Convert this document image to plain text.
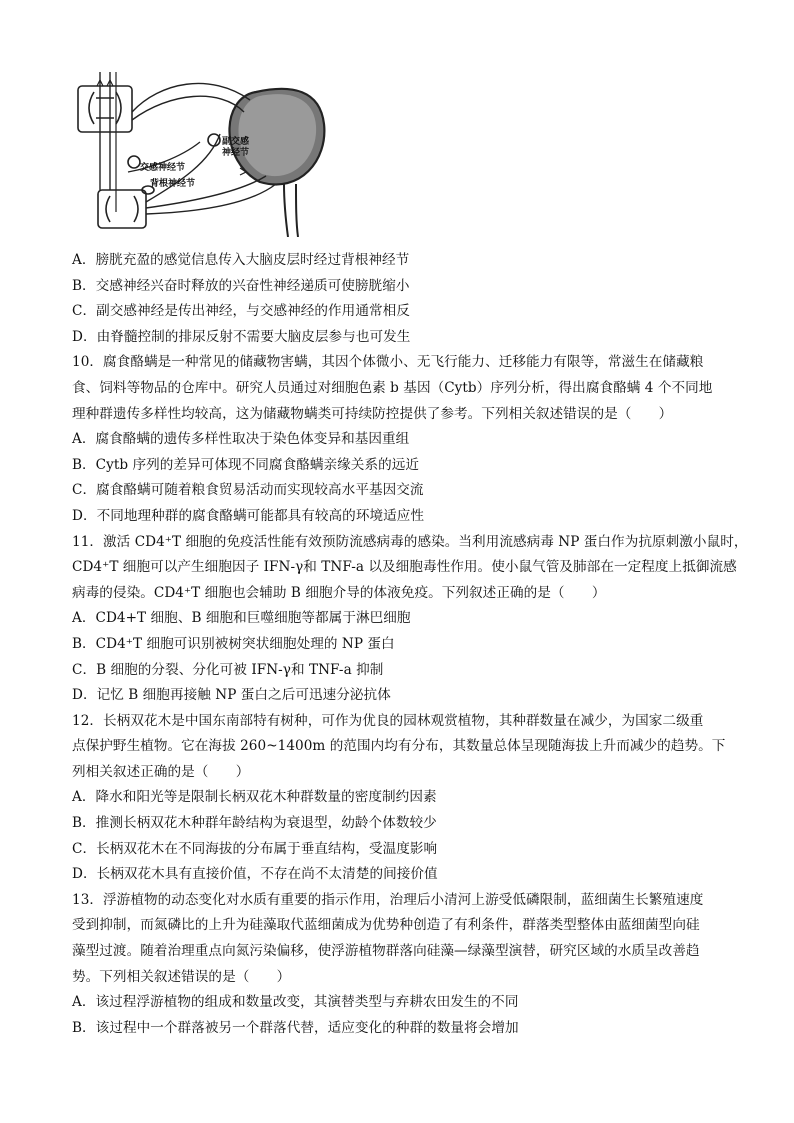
交感神经节
副交感
神经节
背根神经节
A．膀胱充盈的感觉信息传入大脑皮层时经过背根神经节
B．交感神经兴奋时释放的兴奋性神经递质可使膀胱缩小
C．副交感神经是传出神经，与交感神经的作用通常相反
D．由脊髓控制的排尿反射不需要大脑皮层参与也可发生
10．腐食酪螨是一种常见的储藏物害螨，其因个体微小、无飞行能力、迁移能力有限等，常滋生在储藏粮
食、饲料等物品的仓库中。研究人员通过对细胞色素 b 基因（Cytb）序列分析，得出腐食酪螨 4 个不同地
理种群遗传多样性均较高，这为储藏物螨类可持续防控提供了参考。下列相关叙述错误的是（　　）
A．腐食酪螨的遗传多样性取决于染色体变异和基因重组
B．Cytb 序列的差异可体现不同腐食酪螨亲缘关系的远近
C．腐食酪螨可随着粮食贸易活动而实现较高水平基因交流
D．不同地理种群的腐食酪螨可能都具有较高的环境适应性
11．激活 CD4⁺T 细胞的免疫活性能有效预防流感病毒的感染。当利用流感病毒 NP 蛋白作为抗原刺激小鼠时，
CD4⁺T 细胞可以产生细胞因子 IFN-γ和 TNF-a 以及细胞毒性作用。使小鼠气管及肺部在一定程度上抵御流感
病毒的侵染。CD4⁺T 细胞也会辅助 B 细胞介导的体液免疫。下列叙述正确的是（　　）
A．CD4+T 细胞、B 细胞和巨噬细胞等都属于淋巴细胞
B．CD4⁺T 细胞可识别被树突状细胞处理的 NP 蛋白
C．B 细胞的分裂、分化可被 IFN-γ和 TNF-a 抑制
D．记忆 B 细胞再接触 NP 蛋白之后可迅速分泌抗体
12．长柄双花木是中国东南部特有树种，可作为优良的园林观赏植物，其种群数量在减少，为国家二级重
点保护野生植物。它在海拔 260~1400m 的范围内均有分布，其数量总体呈现随海拔上升而减少的趋势。下
列相关叙述正确的是（　　）
A．降水和阳光等是限制长柄双花木种群数量的密度制约因素
B．推测长柄双花木种群年龄结构为衰退型，幼龄个体数较少
C．长柄双花木在不同海拔的分布属于垂直结构，受温度影响
D．长柄双花木具有直接价值，不存在尚不太清楚的间接价值
13．浮游植物的动态变化对水质有重要的指示作用，治理后小清河上游受低磷限制，蓝细菌生长繁殖速度
受到抑制，而氮磷比的上升为硅藻取代蓝细菌成为优势种创造了有利条件，群落类型整体由蓝细菌型向硅
藻型过渡。随着治理重点向氮污染偏移，使浮游植物群落向硅藻—绿藻型演替，研究区域的水质呈改善趋
势。下列相关叙述错误的是（　　）
A．该过程浮游植物的组成和数量改变，其演替类型与弃耕农田发生的不同
B．该过程中一个群落被另一个群落代替，适应变化的种群的数量将会增加
